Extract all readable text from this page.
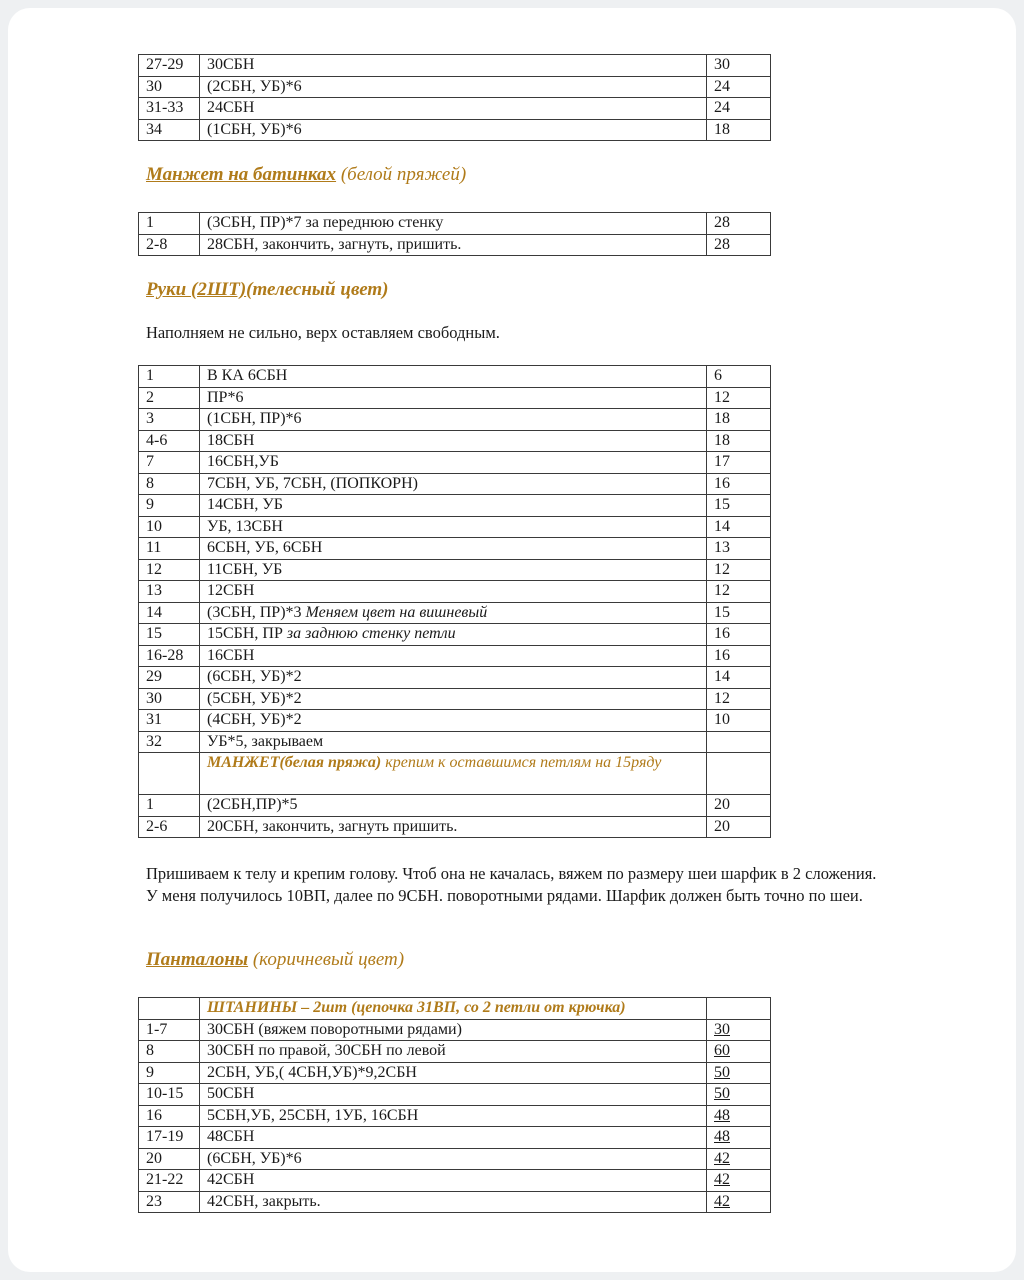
27-29	30СБН	30
30	(2СБН, УБ)*6	24
31-33	24СБН	24
34	(1СБН, УБ)*6	18
Манжет на батинках (белой пряжей)
1	(3СБН, ПР)*7 за переднюю стенку	28
2-8	28СБН, закончить, загнуть, пришить.	28
Руки (2ШТ)(телесный цвет)
Наполняем не сильно, верх оставляем свободным.
1	В КА 6СБН	6
2	ПР*6	12
3	(1СБН, ПР)*6	18
4-6	18СБН	18
7	16СБН,УБ	17
8	7СБН, УБ, 7СБН, (ПОПКОРН)	16
9	14СБН, УБ	15
10	УБ, 13СБН	14
11	6СБН, УБ, 6СБН	13
12	11СБН, УБ	12
13	12СБН	12
14	(3СБН, ПР)*3 Меняем цвет на вишневый	15
15	15СБН, ПР за заднюю стенку петли	16
16-28	16СБН	16
29	(6СБН, УБ)*2	14
30	(5СБН, УБ)*2	12
31	(4СБН, УБ)*2	10
32	УБ*5, закрываем	
	МАНЖЕТ(белая пряжа) крепим к оставшимся петлям на 15ряду	
1	(2СБН,ПР)*5	20
2-6	20СБН, закончить, загнуть пришить.	20
Пришиваем к телу и крепим голову. Чтоб она не качалась, вяжем по размеру шеи шарфик в 2 сложения. У меня получилось 10ВП, далее по 9СБН. поворотными рядами. Шарфик должен быть точно по шеи.
Панталоны (коричневый цвет)
	ШТАНИНЫ – 2шт (цепочка 31ВП, со 2 петли от крючка)	
1-7	30СБН (вяжем поворотными рядами)	30
8	30СБН по правой, 30СБН по левой	60
9	2СБН, УБ,( 4СБН,УБ)*9,2СБН	50
10-15	50СБН	50
16	5СБН,УБ, 25СБН, 1УБ, 16СБН	48
17-19	48СБН	48
20	(6СБН, УБ)*6	42
21-22	42СБН	42
23	42СБН, закрыть.	42
